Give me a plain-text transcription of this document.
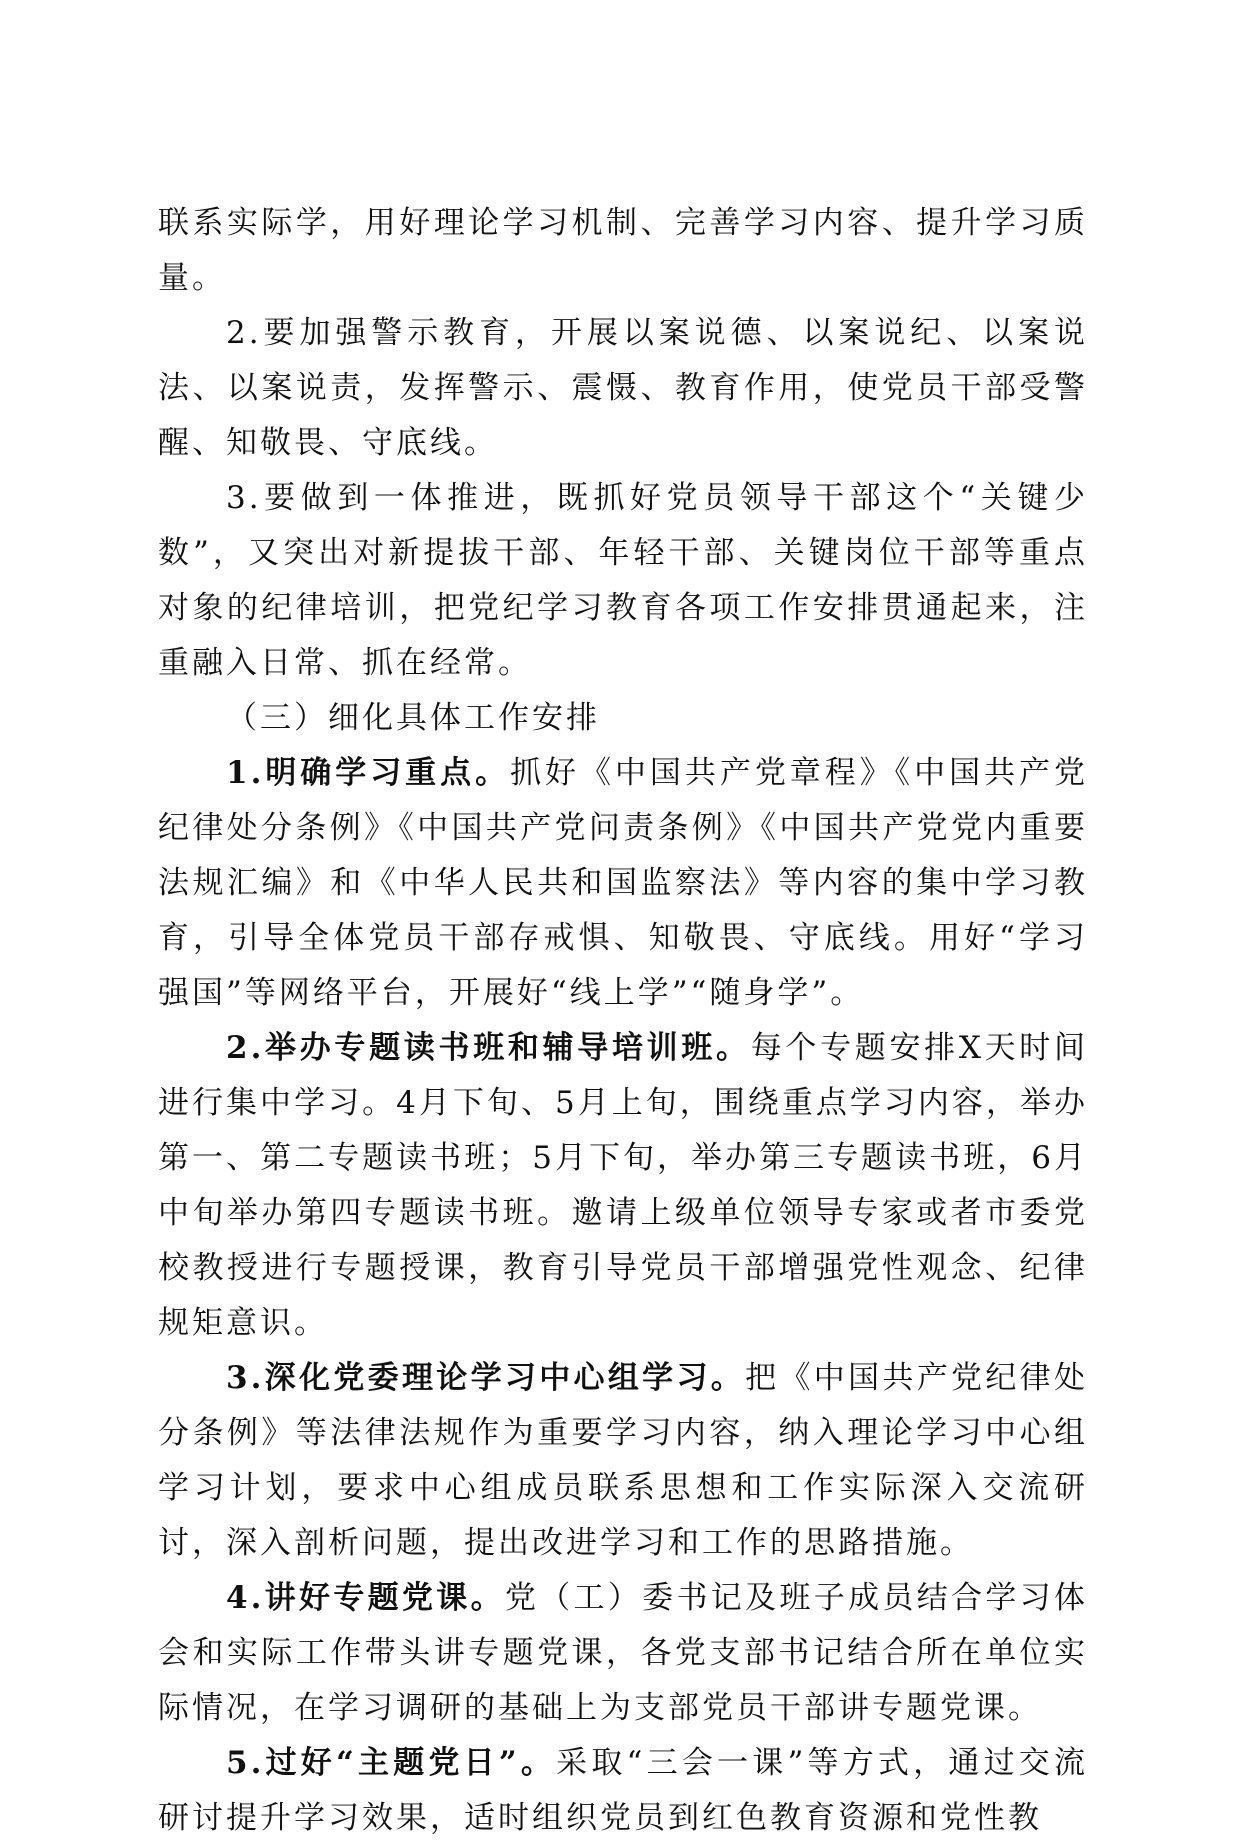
联系实际学，用好理论学习机制、完善学习内容、提升学习质量。

2.要加强警示教育，开展以案说德、以案说纪、以案说法、以案说责，发挥警示、震慑、教育作用，使党员干部受警醒、知敬畏、守底线。

3.要做到一体推进，既抓好党员领导干部这个“关键少数”，又突出对新提拔干部、年轻干部、关键岗位干部等重点对象的纪律培训，把党纪学习教育各项工作安排贯通起来，注重融入日常、抓在经常。

（三）细化具体工作安排

1.明确学习重点。抓好《中国共产党章程》《中国共产党纪律处分条例》《中国共产党问责条例》《中国共产党党内重要法规汇编》和《中华人民共和国监察法》等内容的集中学习教育，引导全体党员干部存戒惧、知敬畏、守底线。用好“学习强国”等网络平台，开展好“线上学”“随身学”。

2.举办专题读书班和辅导培训班。每个专题安排X天时间进行集中学习。4月下旬、5月上旬，围绕重点学习内容，举办第一、第二专题读书班；5月下旬，举办第三专题读书班，6月中旬举办第四专题读书班。邀请上级单位领导专家或者市委党校教授进行专题授课，教育引导党员干部增强党性观念、纪律规矩意识。

3.深化党委理论学习中心组学习。把《中国共产党纪律处分条例》等法律法规作为重要学习内容，纳入理论学习中心组学习计划，要求中心组成员联系思想和工作实际深入交流研讨，深入剖析问题，提出改进学习和工作的思路措施。

4.讲好专题党课。党（工）委书记及班子成员结合学习体会和实际工作带头讲专题党课，各党支部书记结合所在单位实际情况，在学习调研的基础上为支部党员干部讲专题党课。

5.过好“主题党日”。采取“三会一课”等方式，通过交流研讨提升学习效果，适时组织党员到红色教育资源和党性教
